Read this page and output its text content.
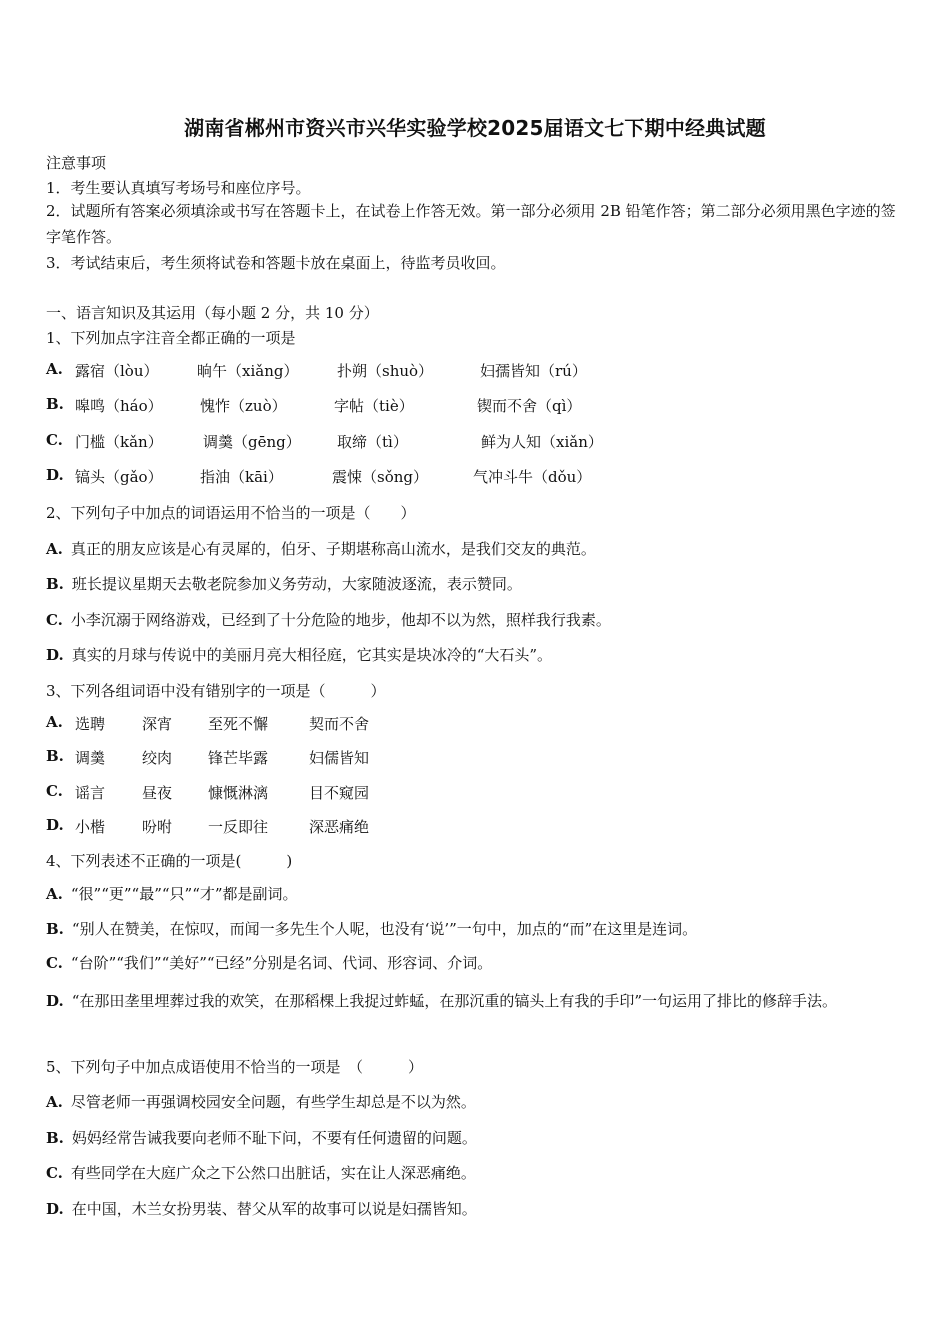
湖南省郴州市资兴市兴华实验学校2025届语文七下期中经典试题
注意事项
1．考生要认真填写考场号和座位序号。
2．试题所有答案必须填涂或书写在答题卡上，在试卷上作答无效。第一部分必须用 2B 铅笔作答；第二部分必须用黑色字迹的签字笔作答。
3．考试结束后，考生须将试卷和答题卡放在桌面上，待监考员收回。
一、语言知识及其运用（每小题 2 分，共 10 分）
1、下列加点字注音全都正确的一项是
A. 露宿（lòu）	晌午（xiǎng）	扑朔（shuò）	妇孺皆知（rú）
B. 嗥鸣（háo） 愧怍（zuò）	字帖（tiè）	锲而不舍（qì）
C. 门槛（kǎn）	调羹（gēng） 取缔（tì）	鲜为人知（xiǎn）
D. 镐头（gǎo） 指油（kāi）	震悚（sǒng）	气冲斗牛（dǒu）
2、下列句子中加点的词语运用不恰当的一项是（　　）
A. 真正的朋友应该是心有灵犀的，伯牙、子期堪称高山流水，是我们交友的典范。
B. 班长提议星期天去敬老院参加义务劳动，大家随波逐流，表示赞同。
C. 小李沉溺于网络游戏，已经到了十分危险的地步，他却不以为然，照样我行我素。
D. 真实的月球与传说中的美丽月亮大相径庭，它其实是块冰冷的“大石头”。
3、下列各组词语中没有错别字的一项是（　　　）
A. 选聘 深宵 至死不懈	契而不舍
B. 调羹 绞肉 锋芒毕露	妇儒皆知
C. 谣言 昼夜 慷慨淋漓	目不窥园
D. 小楷 吩咐 一反即往	深恶痛绝
4、下列表述不正确的一项是(　　　)
A. “很”“更”“最”“只”“才”都是副词。
B. “别人在赞美，在惊叹，而闻一多先生个人呢，也没有‘说’”一句中，加点的“而”在这里是连词。
C. “台阶”“我们”“美好”“已经”分别是名词、代词、形容词、介词。
D. “在那田垄里埋葬过我的欢笑，在那稻棵上我捉过蚱蜢，在那沉重的镐头上有我的手印”一句运用了排比的修辞手法。
5、下列句子中加点成语使用不恰当的一项是　（　　　）
A. 尽管老师一再强调校园安全问题，有些学生却总是不以为然。
B. 妈妈经常告诫我要向老师不耻下问，不要有任何遗留的问题。
C. 有些同学在大庭广众之下公然口出脏话，实在让人深恶痛绝。
D. 在中国，木兰女扮男装、替父从军的故事可以说是妇孺皆知。
